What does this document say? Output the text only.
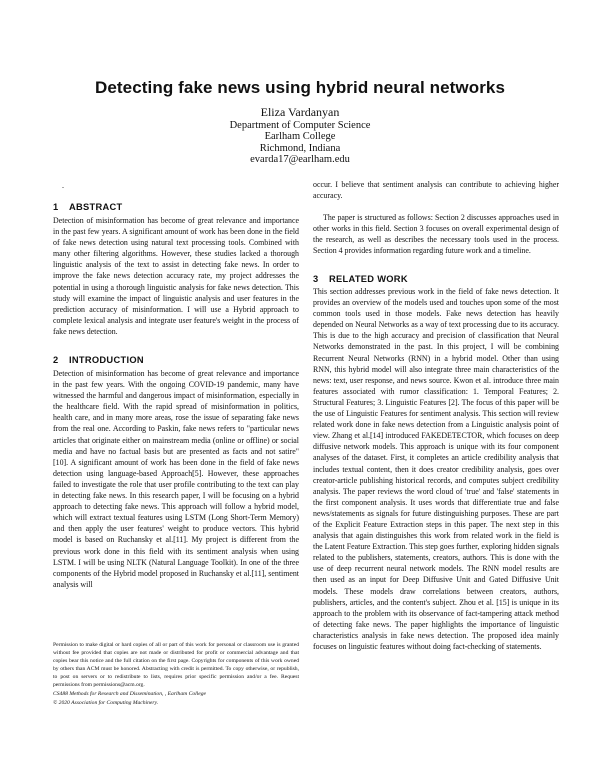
Detecting fake news using hybrid neural networks
Eliza Vardanyan
Department of Computer Science
Earlham College
Richmond, Indiana
evarda17@earlham.edu
.
1 ABSTRACT

Detection of misinformation has become of great relevance and importance in the past few years. A significant amount of work has been done in the field of fake news detection using natural text processing tools. Combined with many other filtering algorithms. However, these studies lacked a thorough linguistic analysis of the text to assist in detecting fake news. In order to improve the fake news detection accuracy rate, my project addresses the potential in using a thorough linguistic analysis for fake news detection. This study will examine the impact of linguistic analysis and user features in the prediction accuracy of misinformation. I will use a Hybrid approach to complete lexical analysis and integrate user feature's weight in the process of fake news detection.

2 INTRODUCTION

Detection of misinformation has become of great relevance and importance in the past few years. With the ongoing COVID-19 pandemic, many have witnessed the harmful and dangerous impact of misinformation, especially in the healthcare field. With the rapid spread of misinformation in politics, health care, and in many more areas, rose the issue of separating fake news from the real one. According to Paskin, fake news refers to "particular news articles that originate either on mainstream media (online or offline) or social media and have no factual basis but are presented as facts and not satire" [10]. A significant amount of work has been done in the field of fake news detection using language-based Approach[5]. However, these approaches failed to investigate the role that user profile contributing to the text can play in detecting fake news. In this research paper, I will be focusing on a hybrid approach to detecting fake news. This approach will follow a hybrid model, which will extract textual features using LSTM (Long Short-Term Memory) and then apply the user features' weight to produce vectors. This hybrid model is based on Ruchansky et al.[11]. My project is different from the previous work done in this field with its sentiment analysis when using LSTM. I will be using NLTK (Natural Language Toolkit). In one of the three components of the Hybrid model proposed in Ruchansky et al.[11], sentiment analysis will

occur. I believe that sentiment analysis can contribute to achieving higher accuracy.

The paper is structured as follows: Section 2 discusses approaches used in other works in this field. Section 3 focuses on overall experimental design of the research, as well as describes the necessary tools used in the process. Section 4 provides information regarding future work and a timeline.

3 RELATED WORK

This section addresses previous work in the field of fake news detection. It provides an overview of the models used and touches upon some of the most common tools used in those models. Fake news detection has heavily depended on Neural Networks as a way of text processing due to its accuracy. This is due to the high accuracy and precision of classification that Neural Networks demonstrated in the past. In this project, I will be combining Recurrent Neural Networks (RNN) in a hybrid model. Other than using RNN, this hybrid model will also integrate three main characteristics of the news: text, user response, and news source. Kwon et al. introduce three main features associated with rumor classification: 1. Temporal Features; 2. Structural Features; 3. Linguistic Features [2]. The focus of this paper will be the use of Linguistic Features for sentiment analysis. This section will review related work done in fake news detection from a Linguistic analysis point of view. Zhang et al.[14] introduced FAKEDETECTOR, which focuses on deep diffusive network models. This approach is unique with its four component analyses of the dataset. First, it completes an article credibility analysis that includes textual content, then it does creator credibility analysis, goes over creator-article publishing historical records, and computes subject credibility analysis. The paper reviews the word cloud of 'true' and 'false' statements in the first component analysis. It uses words that differentiate true and false news/statements as signals for future distinguishing purposes. These are part of the Explicit Feature Extraction steps in this paper. The next step in this analysis that again distinguishes this work from related work in the field is the Latent Feature Extraction. This step goes further, exploring hidden signals related to the publishers, statements, creators, authors. This is done with the use of deep recurrent neural network models. The RNN model results are then used as an input for Deep Diffusive Unit and Gated Diffusive Unit models. These models draw correlations between creators, authors, publishers, articles, and the content's subject. Zhou et al. [15] is unique in its approach to the problem with its observance of fact-tampering attack method of detecting fake news. The paper highlights the importance of linguistic characteristics analysis in fake news detection. The proposed idea mainly focuses on linguistic features without doing fact-checking of statements.

Permission to make digital or hard copies of all or part of this work for personal or classroom use is granted without fee provided that copies are not made or distributed for profit or commercial advantage and that copies bear this notice and the full citation on the first page. Copyrights for components of this work owned by others than ACM must be honored. Abstracting with credit is permitted. To copy otherwise, or republish, to post on servers or to redistribute to lists, requires prior specific permission and/or a fee. Request permissions from permissions@acm.org.
CS488 Methods for Research and Dissemination, , Earlham College
© 2020 Association for Computing Machinery.
